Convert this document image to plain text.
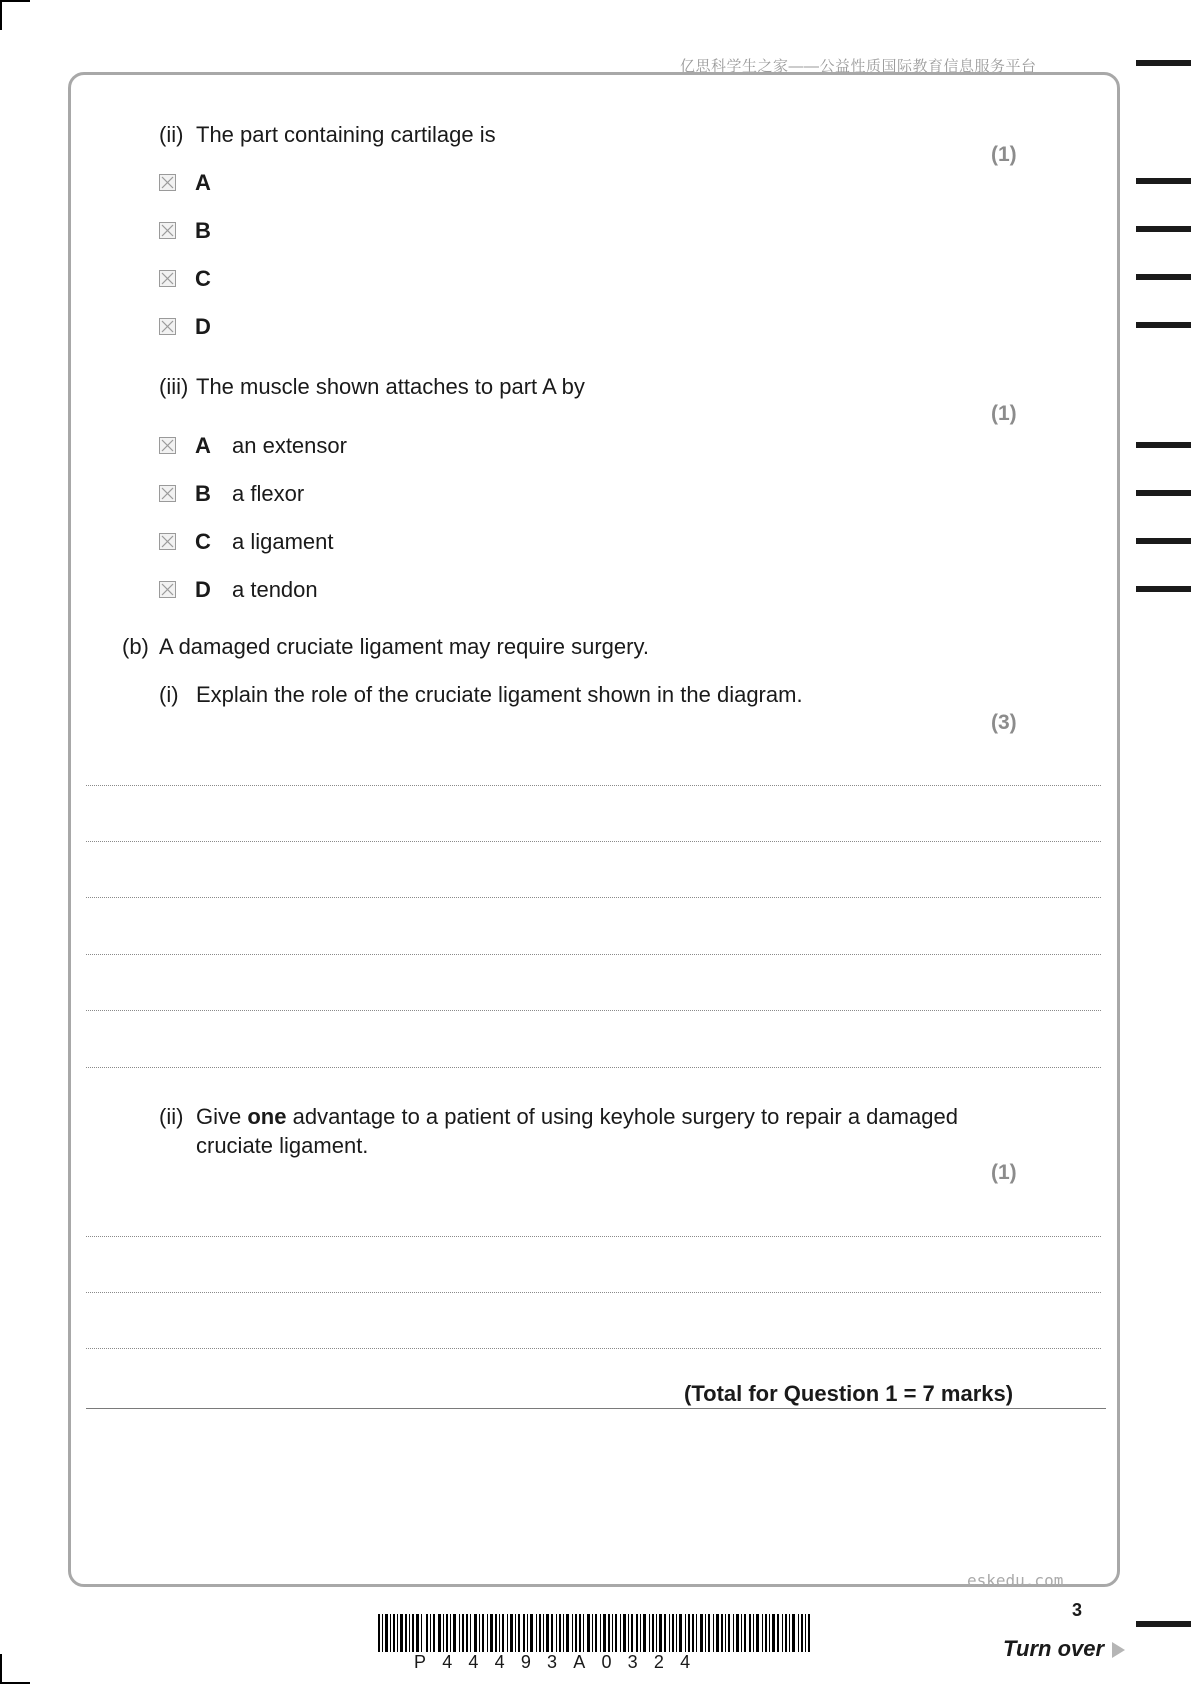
亿思科学生之家——公益性质国际教育信息服务平台
(ii) The part containing cartilage is
(1)
A
B
C
D
(iii) The muscle shown attaches to part A by
(1)
A an extensor
B a flexor
C a ligament
D a tendon
(b) A damaged cruciate ligament may require surgery.
(i) Explain the role of the cruciate ligament shown in the diagram.
(3)
(ii) Give one advantage to a patient of using keyhole surgery to repair a damaged
cruciate ligament.
(1)
(Total for Question 1 = 7 marks)
eskedu.com
3
Turn over
P44493A0324
